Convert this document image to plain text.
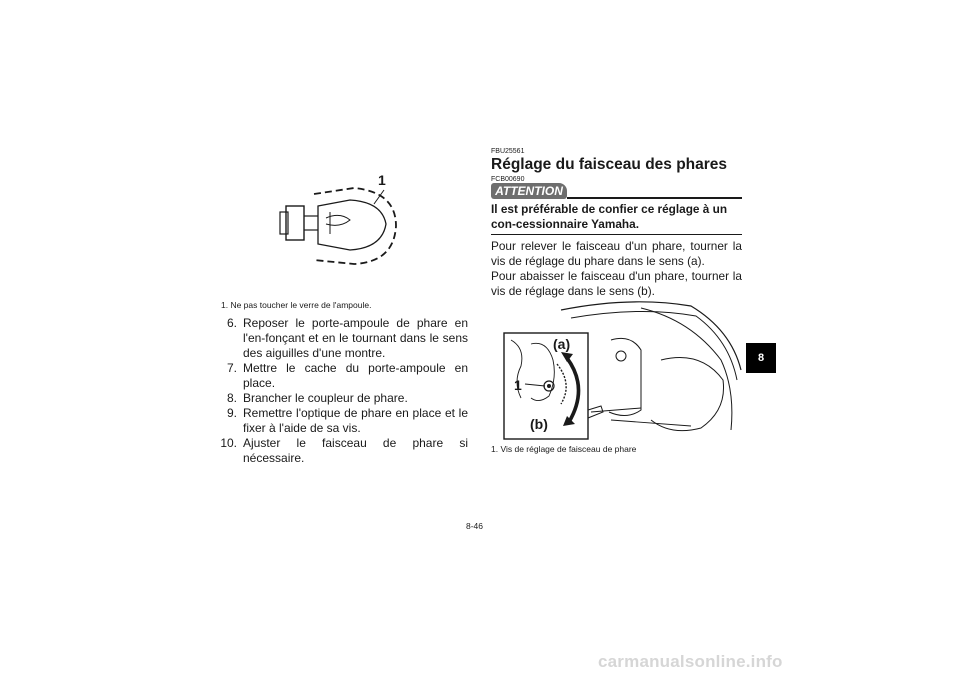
1
1. Ne pas toucher le verre de l'ampoule.
6. Reposer le porte-ampoule de phare en l'en-fonçant et en le tournant dans le sens des aiguilles d'une montre.
7. Mettre le cache du porte-ampoule en place.
8. Brancher le coupleur de phare.
9. Remettre l'optique de phare en place et le fixer à l'aide de sa vis.
10. Ajuster le faisceau de phare si nécessaire.
FBU25561
Réglage du faisceau des phares
FCB00690
ATTENTION
Il est préférable de confier ce réglage à un con-cessionnaire Yamaha.

Pour relever le faisceau d'un phare, tourner la vis de réglage du phare dans le sens (a).

Pour abaisser le faisceau d'un phare, tourner la vis de réglage dans le sens (b).

(a)
1
(b)
1. Vis de réglage de faisceau de phare
8-46
8
carmanualsonline.info
